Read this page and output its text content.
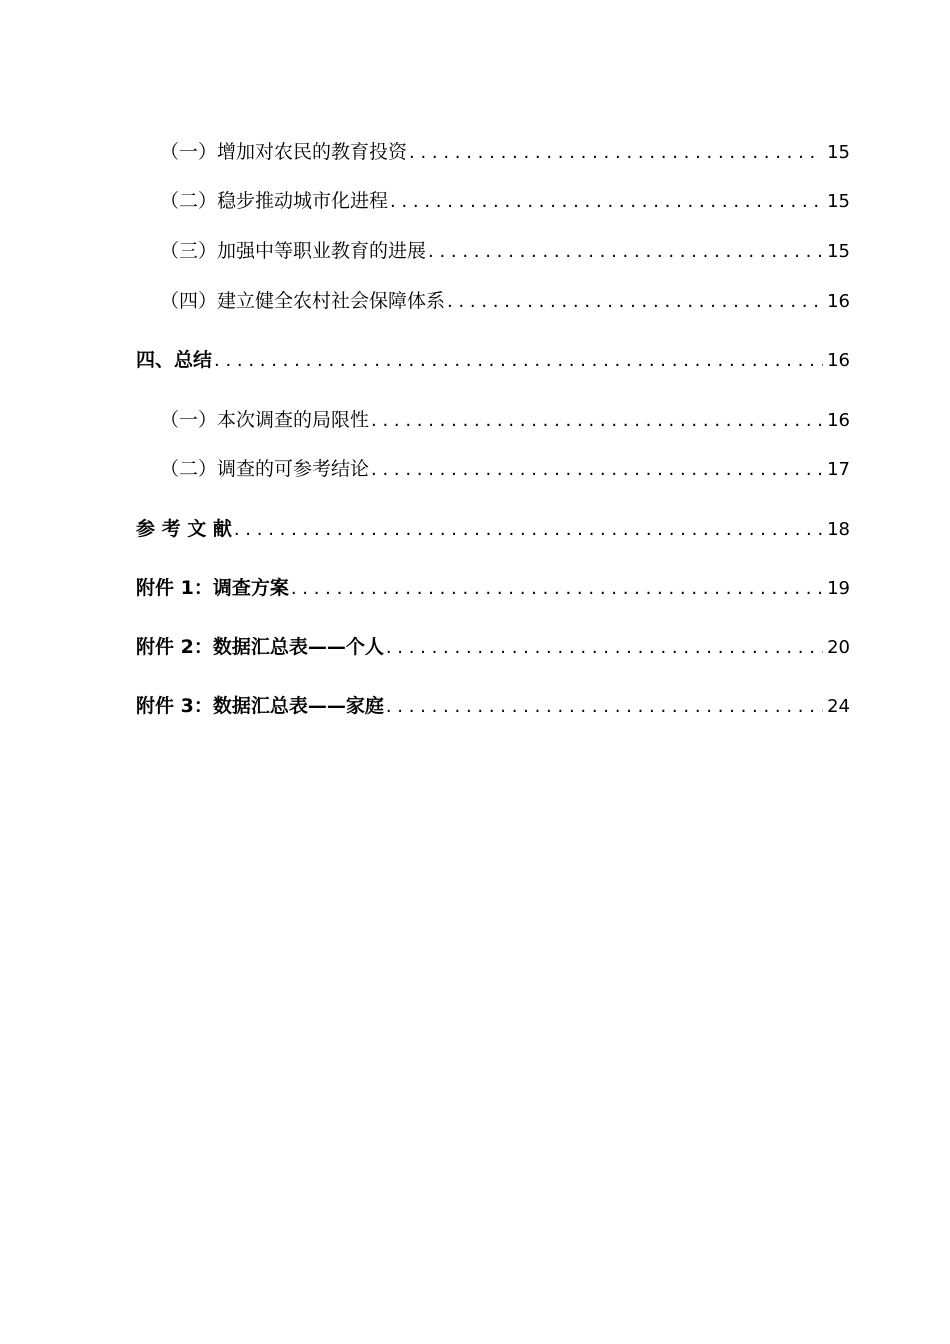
（一）增加对农民的教育投资 . . .	15
（二）稳步推动城市化进程 . . .	15
（三）加强中等职业教育的进展 . . .	15
（四）建立健全农村社会保障体系 . . .	16
四、总结 . . .	16
（一）本次调查的局限性 . . .	16
（二）调查的可参考结论 . . .	17
参 考 文 献 . . .	18
附件 1：调查方案 . . .	19
附件 2：数据汇总表——个人 . . .	20
附件 3：数据汇总表——家庭 . . .	24
